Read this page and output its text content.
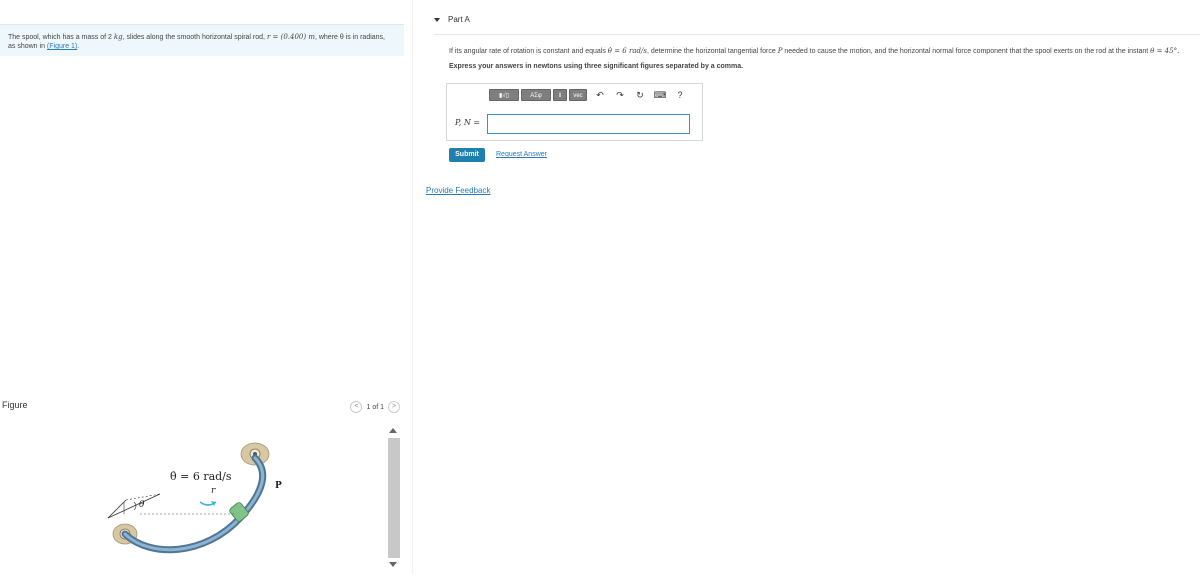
The spool, which has a mass of 2 kg, slides along the smooth horizontal spiral rod, r = (0.400) m, where θ is in radians,
as shown in (Figure 1).
Figure	<	1 of 1	>
θ̇ = 6 rad/s
r	P
θ
Part A
If its angular rate of rotation is constant and equals θ̇ = 6 rad/s, determine the horizontal tangential force P needed to cause the motion, and the horizontal normal force component that the spool exerts on the rod at the instant θ = 45°.
Express your answers in newtons using three significant figures separated by a comma.
▮√▯	ΑΣφ	‖	vec	↶	↷	↻	⌨	?
P, N =
Submit	Request Answer
Provide Feedback
